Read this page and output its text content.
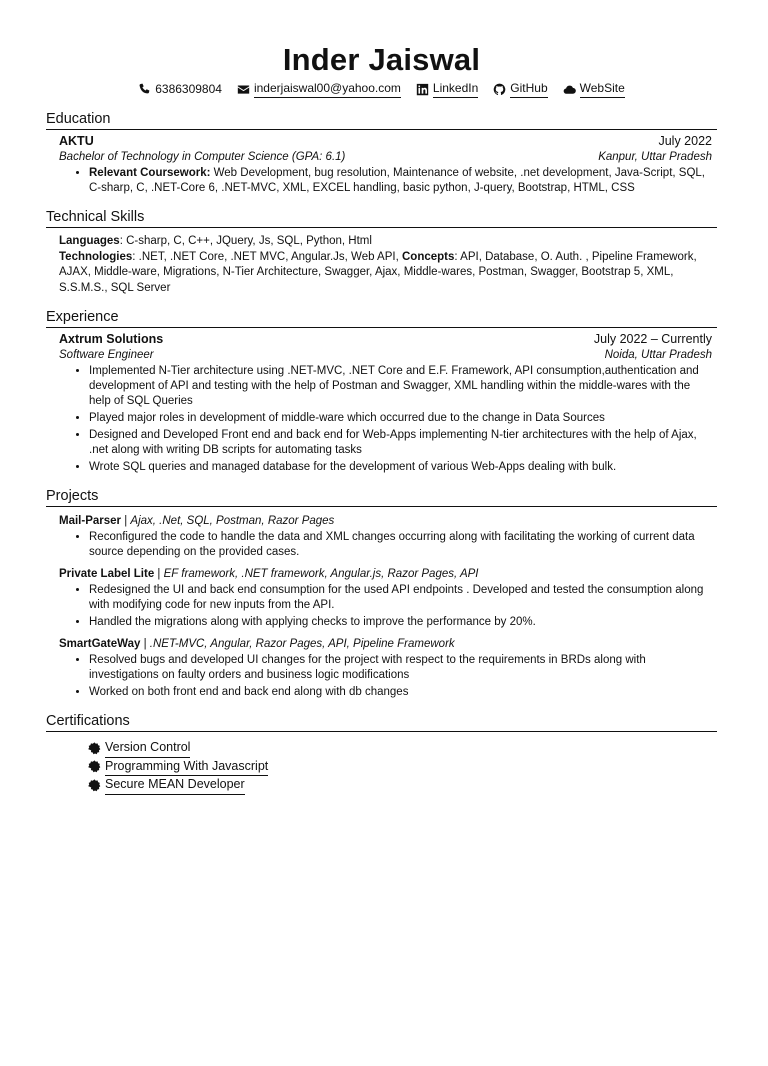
Inder Jaiswal
6386309804	inderjaiswal00@yahoo.com	LinkedIn	GitHub	WebSite
Education
AKTU	July 2022
Bachelor of Technology in Computer Science (GPA: 6.1)	Kanpur, Uttar Pradesh
• Relevant Coursework: Web Development, bug resolution, Maintenance of website, .net development, Java-Script, SQL, C-sharp, C, .NET-Core 6, .NET-MVC, XML, EXCEL handling, basic python, J-query, Bootstrap, HTML, CSS
Technical Skills
Languages: C-sharp, C, C++, JQuery, Js, SQL, Python, Html
Technologies: .NET, .NET Core, .NET MVC, Angular.Js, Web API, Concepts: API, Database, O. Auth. , Pipeline Framework, AJAX, Middle-ware, Migrations, N-Tier Architecture, Swagger, Ajax, Middle-wares, Postman, Swagger, Bootstrap 5, XML, S.S.M.S., SQL Server
Experience
Axtrum Solutions	July 2022 – Currently
Software Engineer	Noida, Uttar Pradesh
• Implemented N-Tier architecture using .NET-MVC, .NET Core and E.F. Framework, API consumption,authentication and development of API and testing with the help of Postman and Swagger, XML handling within the middle-wares with the help of SQL Queries
• Played major roles in development of middle-ware which occurred due to the change in Data Sources
• Designed and Developed Front end and back end for Web-Apps implementing N-tier architectures with the help of Ajax, .net along with writing DB scripts for automating tasks
• Wrote SQL queries and managed database for the development of various Web-Apps dealing with bulk.
Projects
Mail-Parser | Ajax, .Net, SQL, Postman, Razor Pages
• Reconfigured the code to handle the data and XML changes occurring along with facilitating the working of current data source depending on the provided cases.
Private Label Lite | EF framework, .NET framework, Angular.js, Razor Pages, API
• Redesigned the UI and back end consumption for the used API endpoints . Developed and tested the consumption along with modifying code for new inputs from the API.
• Handled the migrations along with applying checks to improve the performance by 20%.
SmartGateWay | .NET-MVC, Angular, Razor Pages, API, Pipeline Framework
• Resolved bugs and developed UI changes for the project with respect to the requirements in BRDs along with investigations on faulty orders and business logic modifications
• Worked on both front end and back end along with db changes
Certifications
Version Control
Programming With Javascript
Secure MEAN Developer
